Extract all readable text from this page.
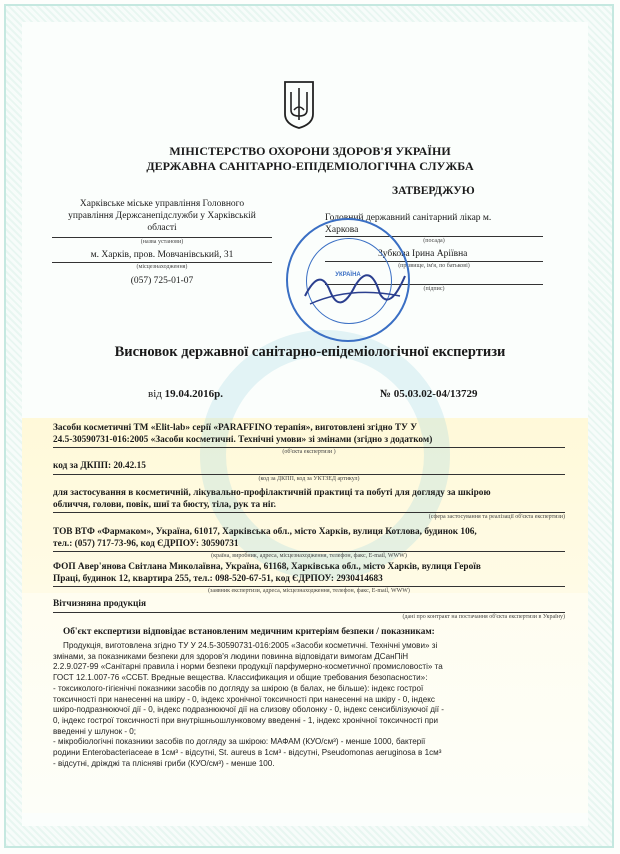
МІНІСТЕРСТВО ОХОРОНИ ЗДОРОВ'Я УКРАЇНИ
ДЕРЖАВНА САНІТАРНО-ЕПІДЕМІОЛОГІЧНА СЛУЖБА
Харківське міське управління Головного
управління Держсанепідслужби у Харківській
області
(назва установи)
м. Харків, пров. Мовчанівський, 31
(місцезнаходження)
(057) 725-01-07
ЗАТВЕРДЖУЮ
Головний державний санітарний лікар м.
Харкова
(посада)
Зубкова Ірина Аріївна
(прізвище, ім'я, по батькові)
(підпис)
УКРАЇНА
Висновок державної санітарно-епідеміологічної експертизи
від 19.04.2016р.	№ 05.03.02-04/13729
Засоби косметичні ТМ «Elit-lab» серії «PARAFFINO терапія», виготовлені згідно ТУ У
24.5-30590731-016:2005 «Засоби косметичні. Технічні умови» зі змінами (згідно з додатком)
(об'єкта експертизи )
код за ДКПП: 20.42.15
(код за ДКПП, код за УКТЗЕД артикул)
для застосування в косметичній, лікувально-профілактичній практиці та побуті для догляду за шкірою
обличчя, голови, повік, шиї та бюсту, тіла, рук та ніг.
(сфера застосування та реалізації об'єкта експертизи)
ТОВ ВТФ «Фармаком», Україна, 61017, Харківська обл., місто Харків, вулиця Котлова, будинок 106,
тел.: (057) 717-73-96, код ЄДРПОУ: 30590731
(країна, виробник, адреса, місцезнаходження, телефон, факс, E-mail, WWW)
ФОП Авер'янова Світлана Миколаївна, Україна, 61168, Харківська обл., місто Харків, вулиця Героїв
Праці, будинок 12, квартира 255, тел.: 098-520-67-51, код ЄДРПОУ: 2930414683
(заявник експертизи, адреса, місцезнаходження, телефон, факс, E-mail, WWW)
Вітчизняна продукція
(дані про контракт на постачання об'єкта експертизи в Україну)
Об'єкт експертизи відповідає встановленим медичним критеріям безпеки / показникам:
Продукція, виготовлена згідно ТУ У 24.5-30590731-016:2005 «Засоби косметичні. Технічні умови» зі
змінами, за показниками безпеки для здоров'я людини повинна відповідати вимогам ДСанПіН
2.2.9.027-99 «Санітарні правила і норми безпеки продукції парфумерно-косметичної промисловості» та
ГОСТ 12.1.007-76 «ССБТ. Вредные вещества. Классификация и общие требования безопасности»:
- токсиколого-гігієнічні показники засобів по догляду за шкірою (в балах, не більше): індекс гострої
токсичності при нанесенні на шкіру - 0, індекс хронічної токсичності при нанесенні на шкіру - 0, індекс
шкіро-подразнюючої дії - 0, індекс подразнюючої дії на слизову оболонку - 0, індекс сенсибілізуючої дії -
0, індекс гострої токсичності при внутрішньошлунковому введенні - 1, індекс хронічної токсичності при
введенні у шлунок - 0;
- мікробіологічні показники засобів по догляду за шкірою: МАФАМ (КУО/см³) - менше 1000, бактерії
родини Enterobacteriaceae в 1см³ - відсутні, St. aureus в 1см³ - відсутні, Pseudomonas aeruginosa в 1см³
- відсутні, дріжджі та плісняві гриби (КУО/см³) - менше 100.
